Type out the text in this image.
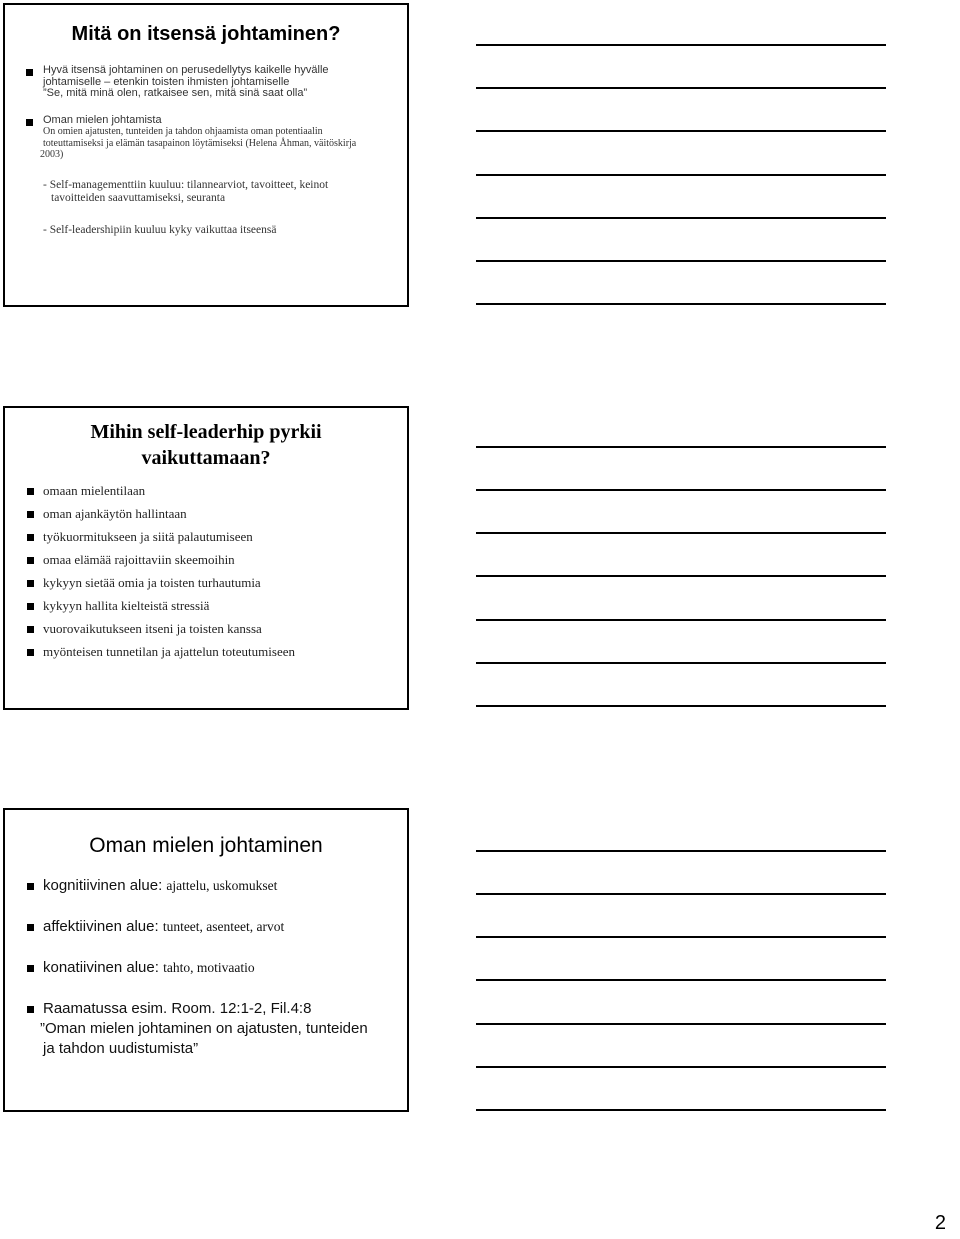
Mitä on itsensä johtaminen?
Hyvä itsensä johtaminen on perusedellytys kaikelle hyvälle
johtamiselle – etenkin toisten ihmisten johtamiselle
”Se, mitä minä olen, ratkaisee sen, mitä sinä saat olla”
Oman mielen johtamista
On omien ajatusten, tunteiden ja tahdon ohjaamista oman potentiaalin
toteuttamiseksi ja elämän tasapainon löytämiseksi (Helena Åhman, väitöskirja
2003)
- Self-managementtiin kuuluu: tilannearviot, tavoitteet, keinot
tavoitteiden saavuttamiseksi, seuranta
- Self-leadershipiin kuuluu kyky vaikuttaa itseensä
Mihin self-leaderhip pyrkii
vaikuttamaan?
omaan mielentilaan
oman ajankäytön hallintaan
työkuormitukseen ja siitä palautumiseen
omaa elämää rajoittaviin skeemoihin
kykyyn sietää omia ja toisten turhautumia
kykyyn hallita kielteistä stressiä
vuorovaikutukseen itseni ja toisten kanssa
myönteisen tunnetilan ja ajattelun toteutumiseen
Oman mielen johtaminen
kognitiivinen alue: ajattelu, uskomukset
affektiivinen alue: tunteet, asenteet, arvot
konatiivinen alue: tahto, motivaatio
Raamatussa esim. Room. 12:1-2, Fil.4:8
”Oman mielen johtaminen on ajatusten, tunteiden
ja tahdon uudistumista”
2
